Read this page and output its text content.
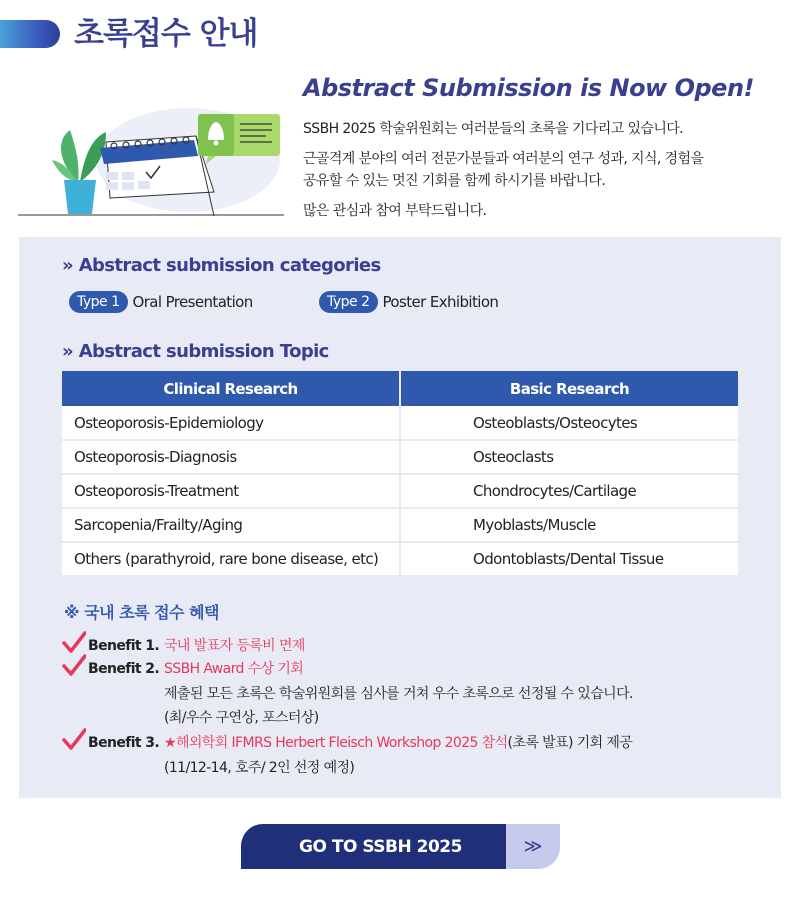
초록접수 안내
Abstract Submission is Now Open!

SSBH 2025 학술위원회는 여러분들의 초록을 기다리고 있습니다.

근골격계 분야의 여러 전문가분들과 여러분의 연구 성과, 지식, 경험을
공유할 수 있는 멋진 기회를 함께 하시기를 바랍니다.

많은 관심과 참여 부탁드립니다.

» Abstract submission categories
Type 1 Oral Presentation	Type 2 Poster Exhibition
» Abstract submission Topic
Clinical Research	Basic Research
Osteoporosis-Epidemiology	Osteoblasts/Osteocytes
Osteoporosis-Diagnosis	Osteoclasts
Osteoporosis-Treatment	Chondrocytes/Cartilage
Sarcopenia/Frailty/Aging	Myoblasts/Muscle
Others (parathyroid, rare bone disease, etc)	Odontoblasts/Dental Tissue
※ 국내 초록 접수 혜택
Benefit 1. 국내 발표자 등록비 면제
Benefit 2. SSBH Award 수상 기회
제출된 모든 초록은 학술위원회를 심사를 거쳐 우수 초록으로 선정될 수 있습니다.
(최/우수 구연상, 포스터상)
Benefit 3. ★해외학회 IFMRS Herbert Fleisch Workshop 2025 참석(초록 발표) 기회 제공
(11/12-14, 호주/ 2인 선정 예정)
GO TO SSBH 2025	≫
